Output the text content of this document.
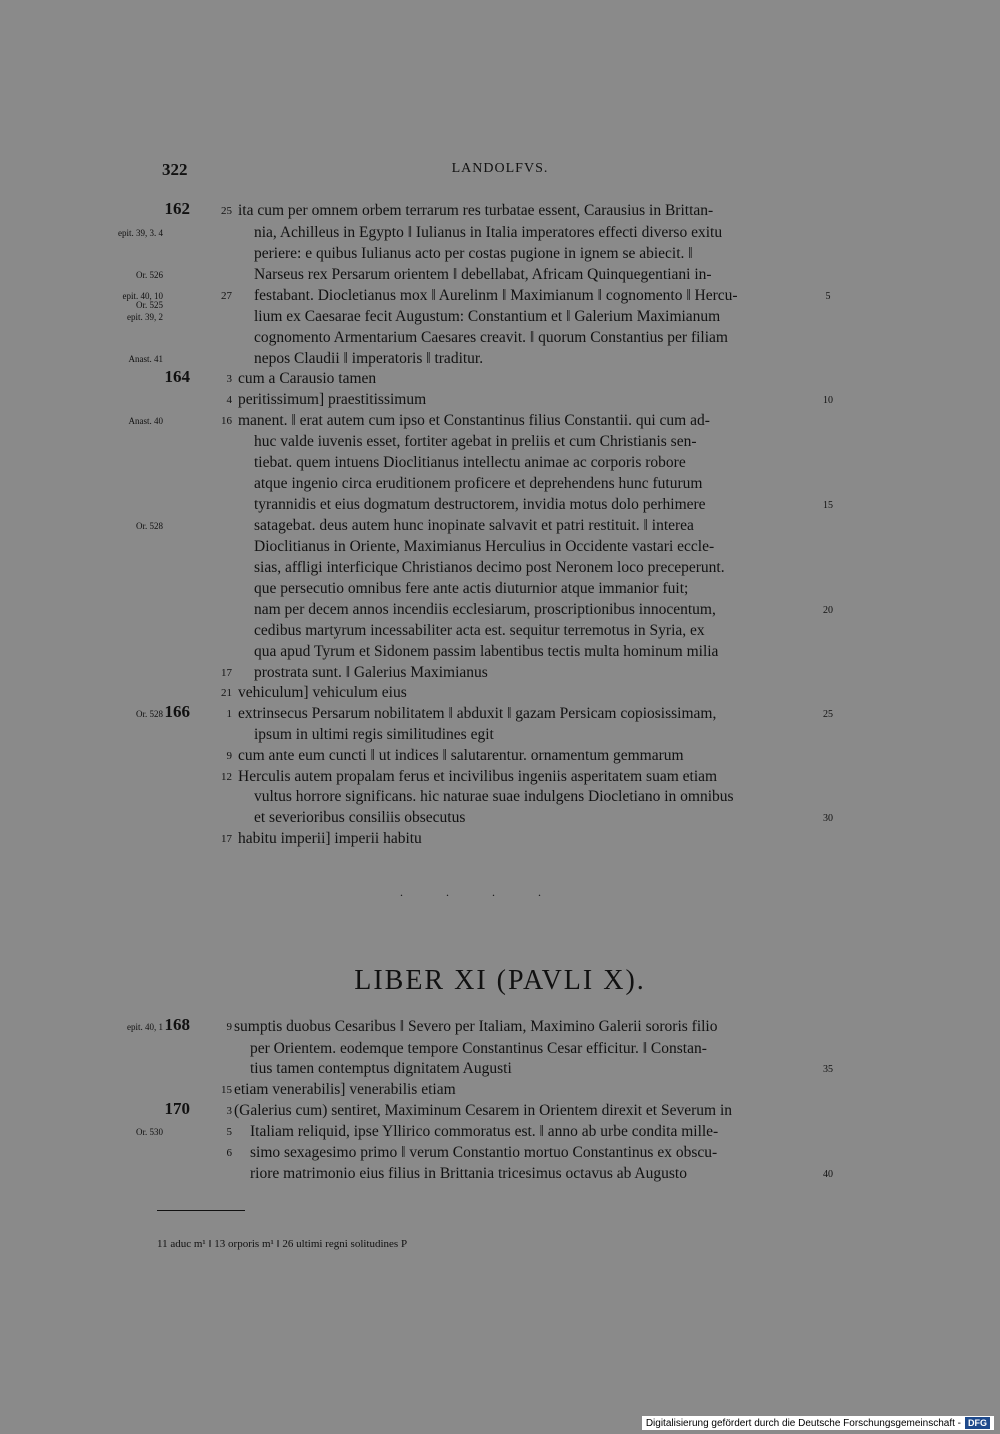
322	LANDOLFVS.
162	25 ita cum per omnem orbem terrarum res turbatae essent, Carausius in Brittan-
epit. 39, 3. 4	nia, Achilleus in Egypto ‖ Iulianus in Italia imperatores effecti diverso exitu
periere: e quibus Iulianus acto per costas pugione in ignem se abiecit. ‖
Or. 526	Narseus rex Persarum orientem ‖ debellabat, Africam Quinquegentiani in-
epit. 40, 10	27 festabant. Diocletianus mox ‖ Aurelinm ‖ Maximianum ‖ cognomento ‖ Hercu-	5
Or. 525
epit. 39, 2	lium ex Caesarae fecit Augustum: Constantium et ‖ Galerium Maximianum
cognomento Armentarium Caesares creavit. ‖ quorum Constantius per filiam
Anast. 41	nepos Claudii ‖ imperatoris ‖ traditur.
164	3 cum a Carausio tamen
4 peritissimum] praestitissimum	10
Anast. 40	16 manent. ‖ erat autem cum ipso et Constantinus filius Constantii. qui cum ad-
huc valde iuvenis esset, fortiter agebat in preliis et cum Christianis sen-
tiebat. quem intuens Dioclitianus intellectu animae ac corporis robore
atque ingenio circa eruditionem proficere et deprehendens hunc futurum
tyrannidis et eius dogmatum destructorem, invidia motus dolo perhimere	15
Or. 528	satagebat. deus autem hunc inopinate salvavit et patri restituit. ‖ interea
Dioclitianus in Oriente, Maximianus Herculius in Occidente vastari eccle-
sias, affligi interficique Christianos decimo post Neronem loco preceperunt.
que persecutio omnibus fere ante actis diuturnior atque immanior fuit;
nam per decem annos incendiis ecclesiarum, proscriptionibus innocentum,	20
cedibus martyrum incessabiliter acta est. sequitur terremotus in Syria, ex
qua apud Tyrum et Sidonem passim labentibus tectis multa hominum milia
17 prostrata sunt. ‖ Galerius Maximianus
21 vehiculum] vehiculum eius
Or. 528 166	1 extrinsecus Persarum nobilitatem ‖ abduxit ‖ gazam Persicam copiosissimam,	25
ipsum in ultimi regis similitudines egit
9 cum ante eum cuncti ‖ ut indices ‖ salutarentur. ornamentum gemmarum
12 Herculis autem propalam ferus et incivilibus ingeniis asperitatem suam etiam
vultus horrore significans. hic naturae suae indulgens Diocletiano in omnibus
et severioribus consiliis obsecutus	30
17 habitu imperii] imperii habitu
epit. 40, 1 168	9 sumptis duobus Cesaribus ‖ Severo per Italiam, Maximino Galerii sororis filio
per Orientem. eodemque tempore Constantinus Cesar efficitur. ‖ Constan-
tius tamen contemptus dignitatem Augusti	35
15 etiam venerabilis] venerabilis etiam
170	3 (Galerius cum) sentiret, Maximinum Cesarem in Orientem direxit et Severum in
Or. 530	5 Italiam reliquid, ipse Yllirico commoratus est. ‖ anno ab urbe condita mille-
6 simo sexagesimo primo ‖ verum Constantio mortuo Constantinus ex obscu-
riore matrimonio eius filius in Brittania tricesimus octavus ab Augusto	40
. . . .
LIBER XI (PAVLI X).
11 aduc m¹ ‖ 13 orporis m¹ ‖ 26 ultimi regni solitudines P
Digitalisierung gefördert durch die Deutsche Forschungsgemeinschaft - DFG
